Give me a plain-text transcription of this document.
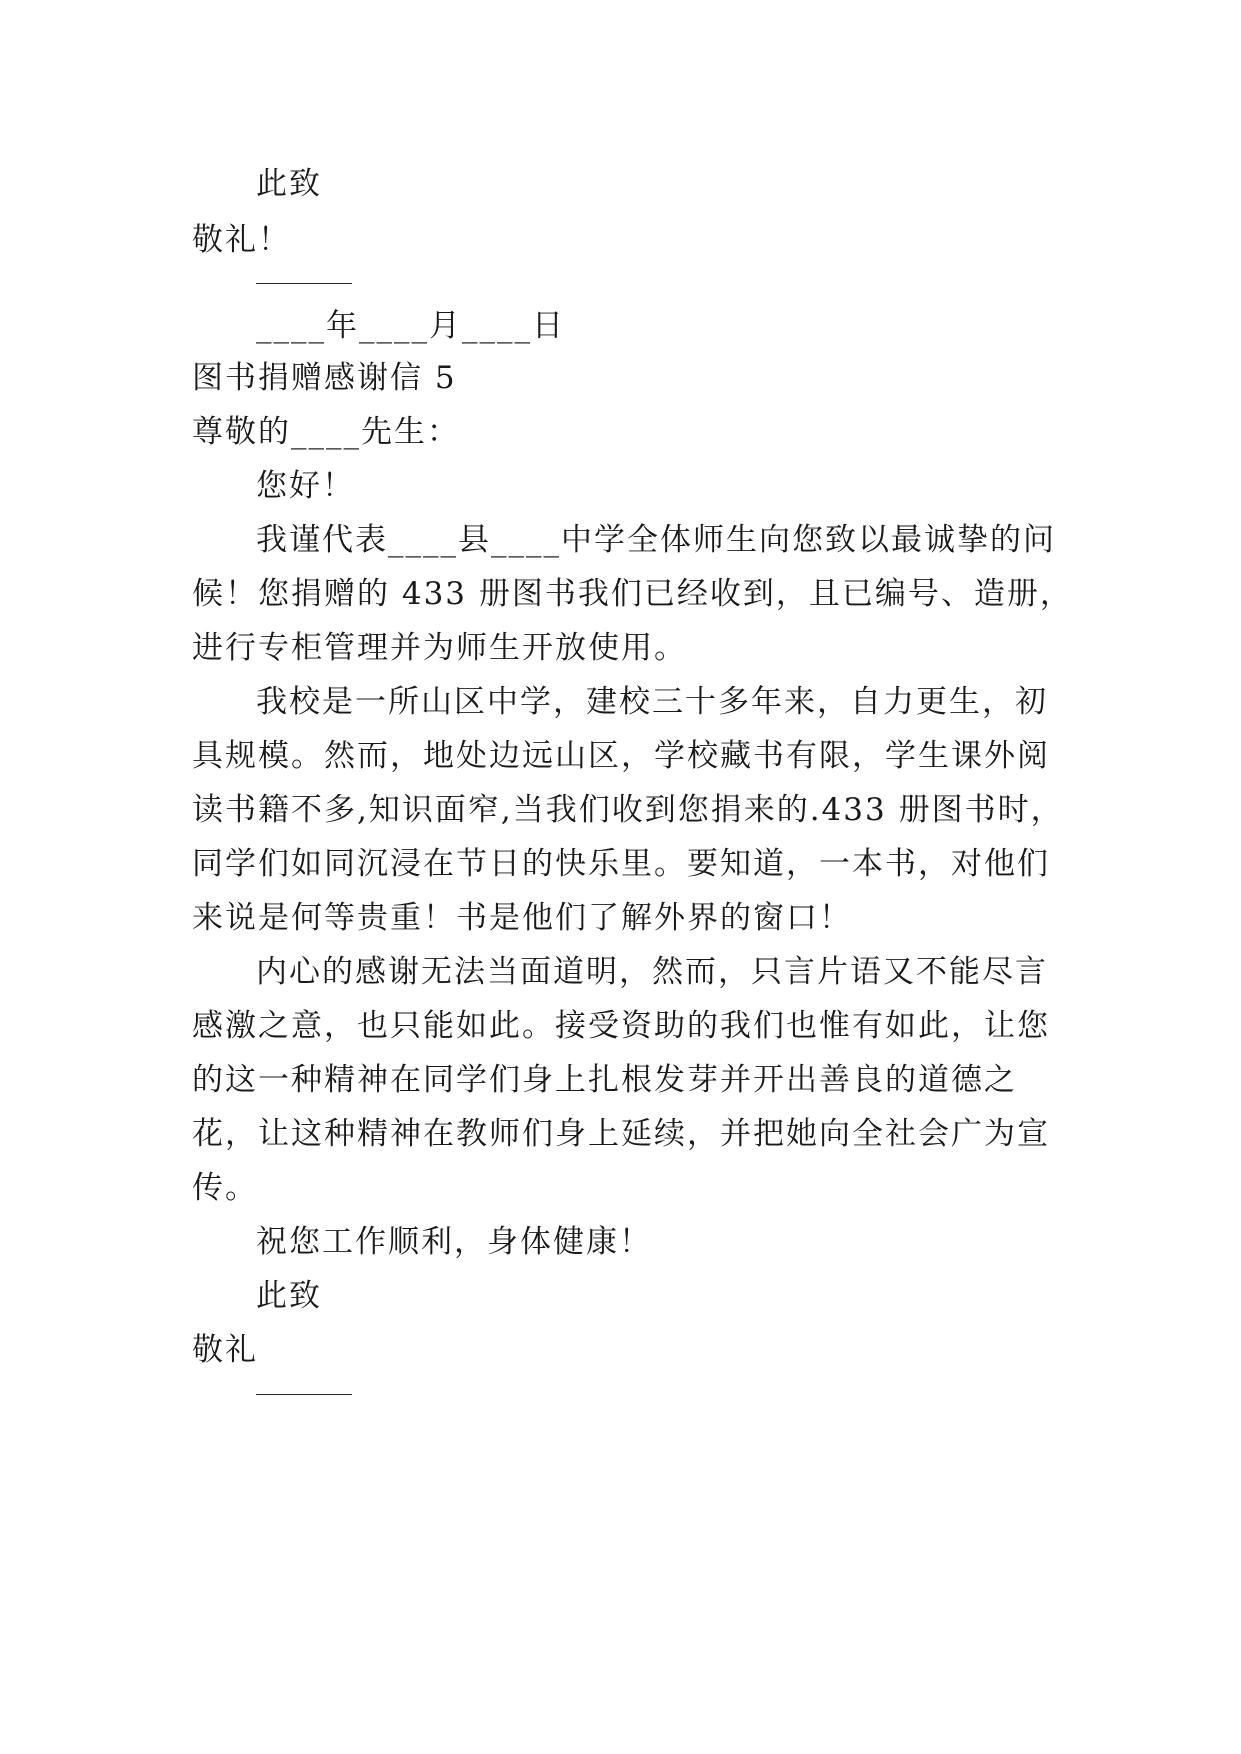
此致
敬礼！
____年____月____日
图书捐赠感谢信 5
尊敬的____先生：
您好！
我谨代表____县____中学全体师生向您致以最诚挚的问
候！您捐赠的 433 册图书我们已经收到，且已编号、造册，
进行专柜管理并为师生开放使用。
我校是一所山区中学，建校三十多年来，自力更生，初
具规模。然而，地处边远山区，学校藏书有限，学生课外阅
读书籍不多,知识面窄,当我们收到您捐来的.433 册图书时，
同学们如同沉浸在节日的快乐里。要知道，一本书，对他们
来说是何等贵重！书是他们了解外界的窗口！
内心的感谢无法当面道明，然而，只言片语又不能尽言
感激之意，也只能如此。接受资助的我们也惟有如此，让您
的这一种精神在同学们身上扎根发芽并开出善良的道德之
花，让这种精神在教师们身上延续，并把她向全社会广为宣
传。
祝您工作顺利，身体健康！
此致
敬礼
